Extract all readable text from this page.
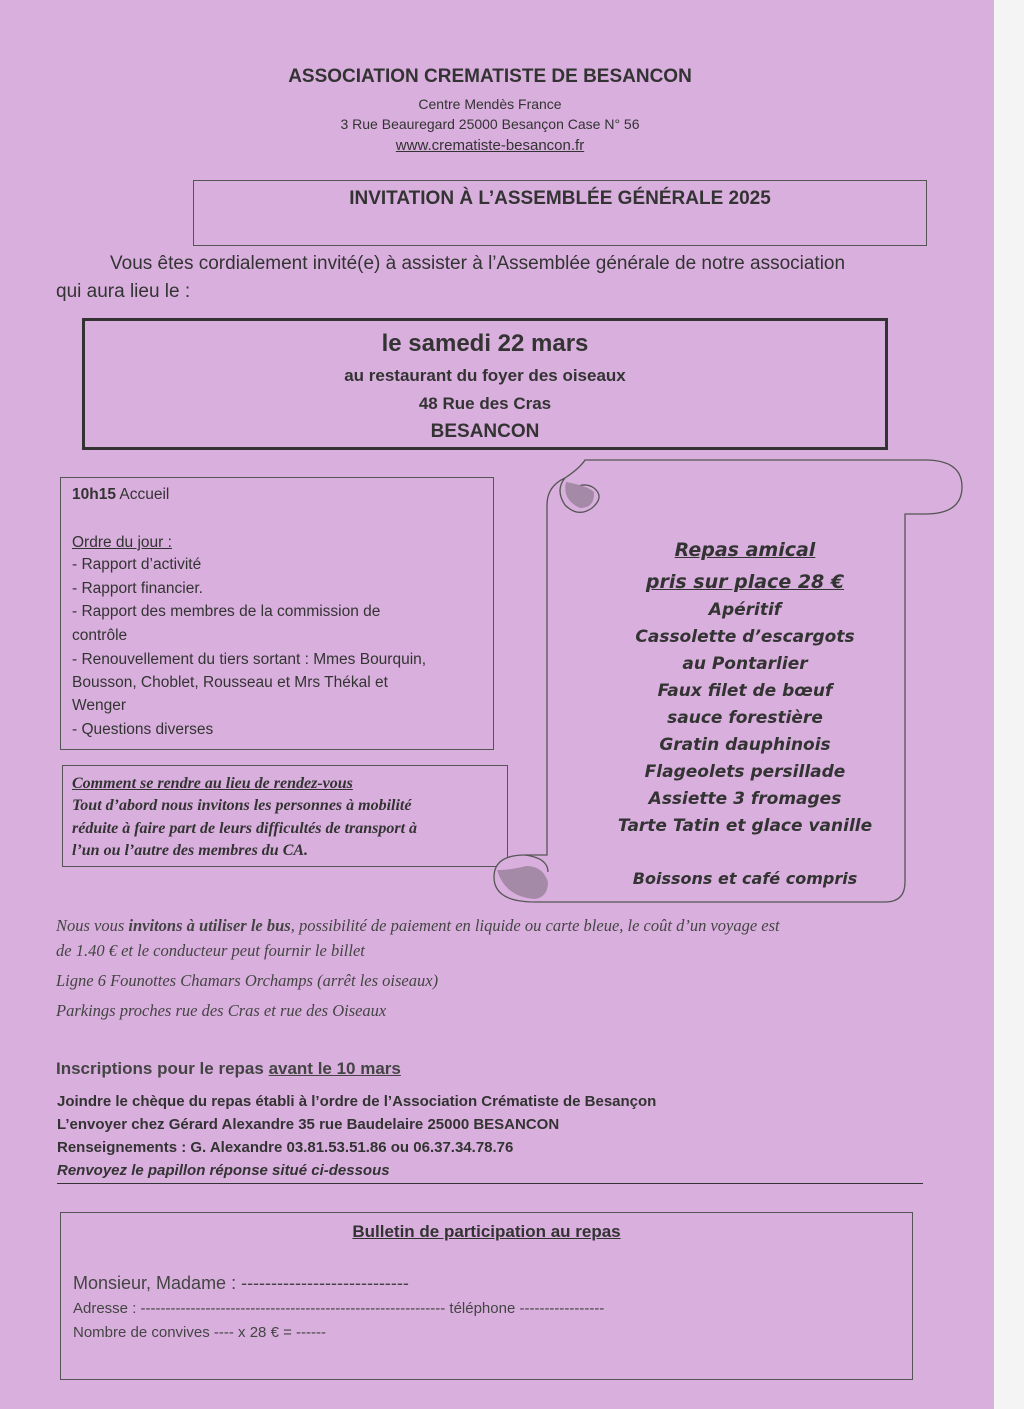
ASSOCIATION CREMATISTE DE BESANCON
Centre Mendès France
3 Rue Beauregard 25000 Besançon Case N° 56
www.crematiste-besancon.fr
INVITATION À L’ASSEMBLÉE GÉNÉRALE 2025
Vous êtes cordialement invité(e) à assister à l’Assemblée générale de notre association
qui aura lieu le :
le samedi 22 mars
au restaurant du foyer des oiseaux
48 Rue des Cras
BESANCON
10h15 Accueil
Ordre du jour :
- Rapport d’activité
- Rapport financier.
- Rapport des membres de la commission de
contrôle
- Renouvellement du tiers sortant : Mmes Bourquin,
Bousson, Choblet, Rousseau et Mrs Thékal et
Wenger
- Questions diverses
Comment se rendre au lieu de rendez-vous
Tout d’abord nous invitons les personnes à mobilité
réduite à faire part de leurs difficultés de transport à
l’un ou l’autre des membres du CA.
Repas amical
pris sur place 28 €
Apéritif
Cassolette d’escargots
au Pontarlier
Faux filet de bœuf
sauce forestière
Gratin dauphinois
Flageolets persillade
Assiette 3 fromages
Tarte Tatin et glace vanille
Boissons et café compris
Nous vous invitons à utiliser le bus, possibilité de paiement en liquide ou carte bleue, le coût d’un voyage est
de 1.40 € et le conducteur peut fournir le billet
Ligne 6 Founottes Chamars Orchamps (arrêt les oiseaux)
Parkings proches rue des Cras et rue des Oiseaux
Inscriptions pour le repas avant le 10 mars
Joindre le chèque du repas établi à l’ordre de l’Association Crématiste de Besançon
L’envoyer chez Gérard Alexandre 35 rue Baudelaire 25000 BESANCON
Renseignements : G. Alexandre 03.81.53.51.86 ou 06.37.34.78.76
Renvoyez le papillon réponse situé ci-dessous
Bulletin de participation au repas
Monsieur, Madame : ----------------------------
Adresse : ------------------------------------------------------------- téléphone -----------------
Nombre de convives ---- x 28 € = ------
